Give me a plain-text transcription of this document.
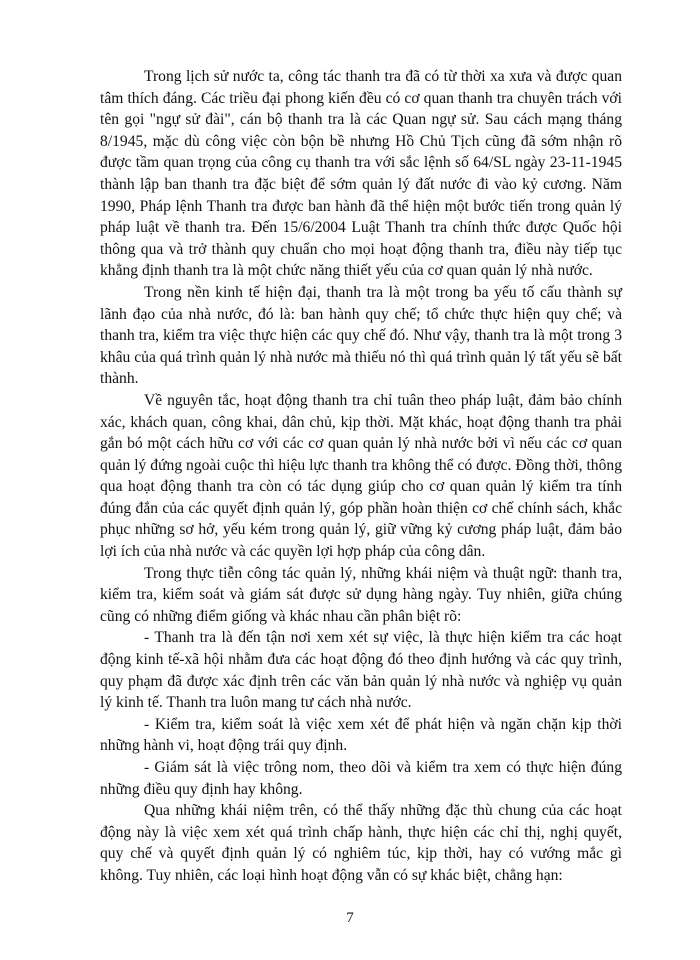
Trong lịch sử nước ta, công tác thanh tra đã có từ thời xa xưa và được quan tâm thích đáng. Các triều đại phong kiến đều có cơ quan thanh tra chuyên trách với tên gọi "ngự sử đài", cán bộ thanh tra là các Quan ngự sử. Sau cách mạng tháng 8/1945, mặc dù công việc còn bộn bề nhưng Hồ Chủ Tịch cũng đã sớm nhận rõ được tầm quan trọng của công cụ thanh tra với sắc lệnh số 64/SL ngày 23-11-1945 thành lập ban thanh tra đặc biệt để sớm quản lý đất nước đi vào kỷ cương. Năm 1990, Pháp lệnh Thanh tra được ban hành đã thể hiện một bước tiến trong quản lý pháp luật về thanh tra. Đến 15/6/2004 Luật Thanh tra chính thức được Quốc hội thông qua và trở thành quy chuẩn cho mọi hoạt động thanh tra, điều này tiếp tục khẳng định thanh tra là một chức năng thiết yếu của cơ quan quản lý nhà nước.

Trong nền kinh tế hiện đại, thanh tra là một trong ba yếu tố cấu thành sự lãnh đạo của nhà nước, đó là: ban hành quy chế; tổ chức thực hiện quy chế; và thanh tra, kiểm tra việc thực hiện các quy chế đó. Như vậy, thanh tra là một trong 3 khâu của quá trình quản lý nhà nước mà thiếu nó thì quá trình quản lý tất yếu sẽ bất thành.

Về nguyên tắc, hoạt động thanh tra chỉ tuân theo pháp luật, đảm bảo chính xác, khách quan, công khai, dân chủ, kịp thời. Mặt khác, hoạt động thanh tra phải gắn bó một cách hữu cơ với các cơ quan quản lý nhà nước bởi vì nếu các cơ quan quản lý đứng ngoài cuộc thì hiệu lực thanh tra không thể có được. Đồng thời, thông qua hoạt động thanh tra còn có tác dụng giúp cho cơ quan quản lý kiểm tra tính đúng đắn của các quyết định quản lý, góp phần hoàn thiện cơ chế chính sách, khắc phục những sơ hở, yếu kém trong quản lý, giữ vững kỷ cương pháp luật, đảm bảo lợi ích của nhà nước và các quyền lợi hợp pháp của công dân.

Trong thực tiễn công tác quản lý, những khái niệm và thuật ngữ: thanh tra, kiểm tra, kiểm soát và giám sát được sử dụng hàng ngày. Tuy nhiên, giữa chúng cũng có những điểm giống và khác nhau cần phân biệt rõ:

- Thanh tra là đến tận nơi xem xét sự việc, là thực hiện kiểm tra các hoạt động kinh tế-xã hội nhằm đưa các hoạt động đó theo định hướng và các quy trình, quy phạm đã được xác định trên các văn bản quản lý nhà nước và nghiệp vụ quản lý kinh tế. Thanh tra luôn mang tư cách nhà nước.

- Kiểm tra, kiểm soát là việc xem xét để phát hiện và ngăn chặn kịp thời những hành vi, hoạt động trái quy định.

- Giám sát là việc trông nom, theo dõi và kiểm tra xem có thực hiện đúng những điều quy định hay không.

Qua những khái niệm trên, có thể thấy những đặc thù chung của các hoạt động này là việc xem xét quá trình chấp hành, thực hiện các chỉ thị, nghị quyết, quy chế và quyết định quản lý có nghiêm túc, kịp thời, hay có vướng mắc gì không. Tuy nhiên, các loại hình hoạt động vẫn có sự khác biệt, chẳng hạn:

7
